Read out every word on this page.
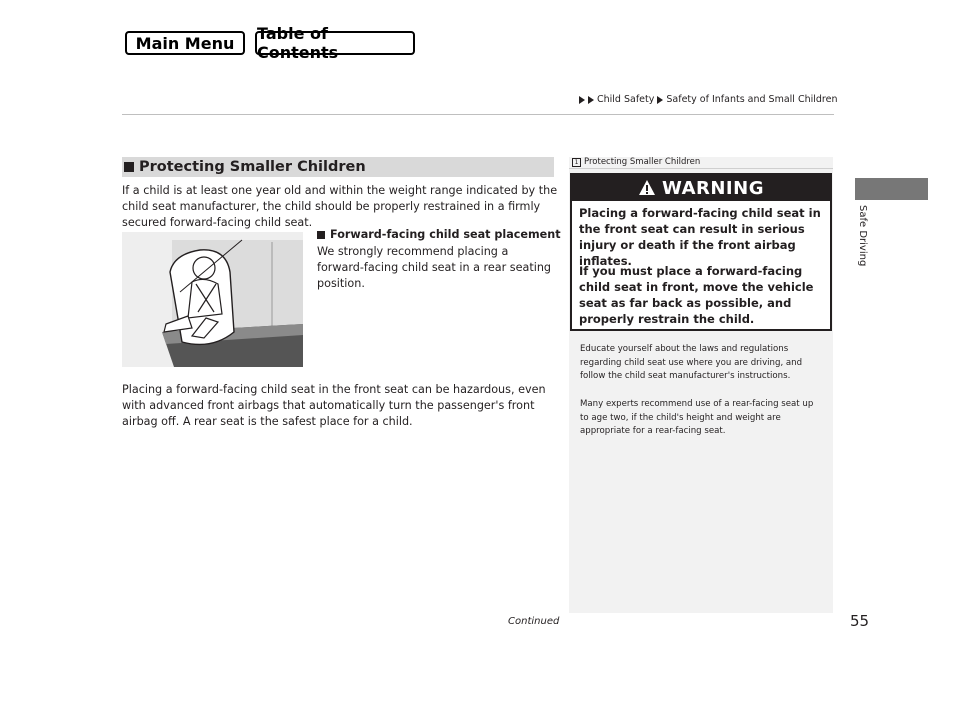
Main Menu	Table of Contents
Child Safety Safety of Infants and Small Children
Safe Driving
Protecting Smaller Children
If a child is at least one year old and within the weight range indicated by the child seat manufacturer, the child should be properly restrained in a firmly secured forward-facing child seat.
Forward-facing child seat placement
We strongly recommend placing a forward-facing child seat in a rear seating position.
Placing a forward-facing child seat in the front seat can be hazardous, even with advanced front airbags that automatically turn the passenger's front airbag off. A rear seat is the safest place for a child.
1 Protecting Smaller Children
WARNING
Placing a forward-facing child seat in the front seat can result in serious injury or death if the front airbag inflates.
If you must place a forward-facing child seat in front, move the vehicle seat as far back as possible, and properly restrain the child.
Educate yourself about the laws and regulations regarding child seat use where you are driving, and follow the child seat manufacturer's instructions.
Many experts recommend use of a rear-facing seat up to age two, if the child's height and weight are appropriate for a rear-facing seat.
Continued	55
